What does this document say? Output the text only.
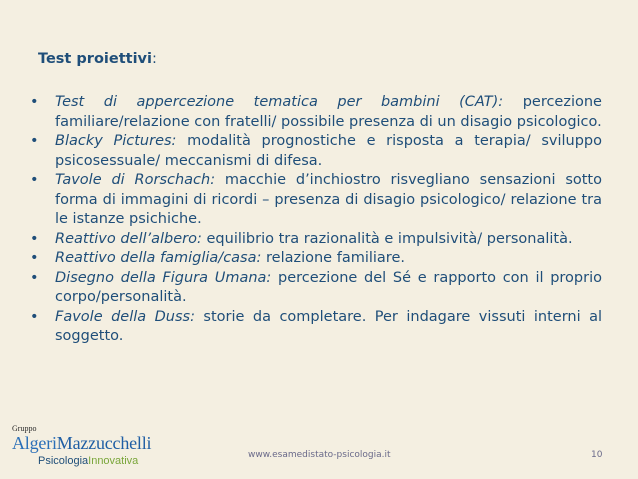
Test proiettivi:
• Test di appercezione tematica per bambini (CAT): percezione familiare/relazione con fratelli/ possibile presenza di un disagio psicologico.
• Blacky Pictures: modalità prognostiche e risposta a terapia/ sviluppo psicosessuale/ meccanismi di difesa.
• Tavole di Rorschach: macchie d’inchiostro risvegliano sensazioni sotto forma di immagini di ricordi – presenza di disagio psicologico/ relazione tra le istanze psichiche.
• Reattivo dell’albero: equilibrio tra razionalità e impulsività/ personalità.
• Reattivo della famiglia/casa: relazione familiare.
• Disegno della Figura Umana: percezione del Sé e rapporto con il proprio corpo/personalità.
• Favole della Duss: storie da completare. Per indagare vissuti interni al soggetto.
Gruppo
AlgeriMazzucchelli
PsicologiaInnovativa	www.esamedistato-psicologia.it	10
